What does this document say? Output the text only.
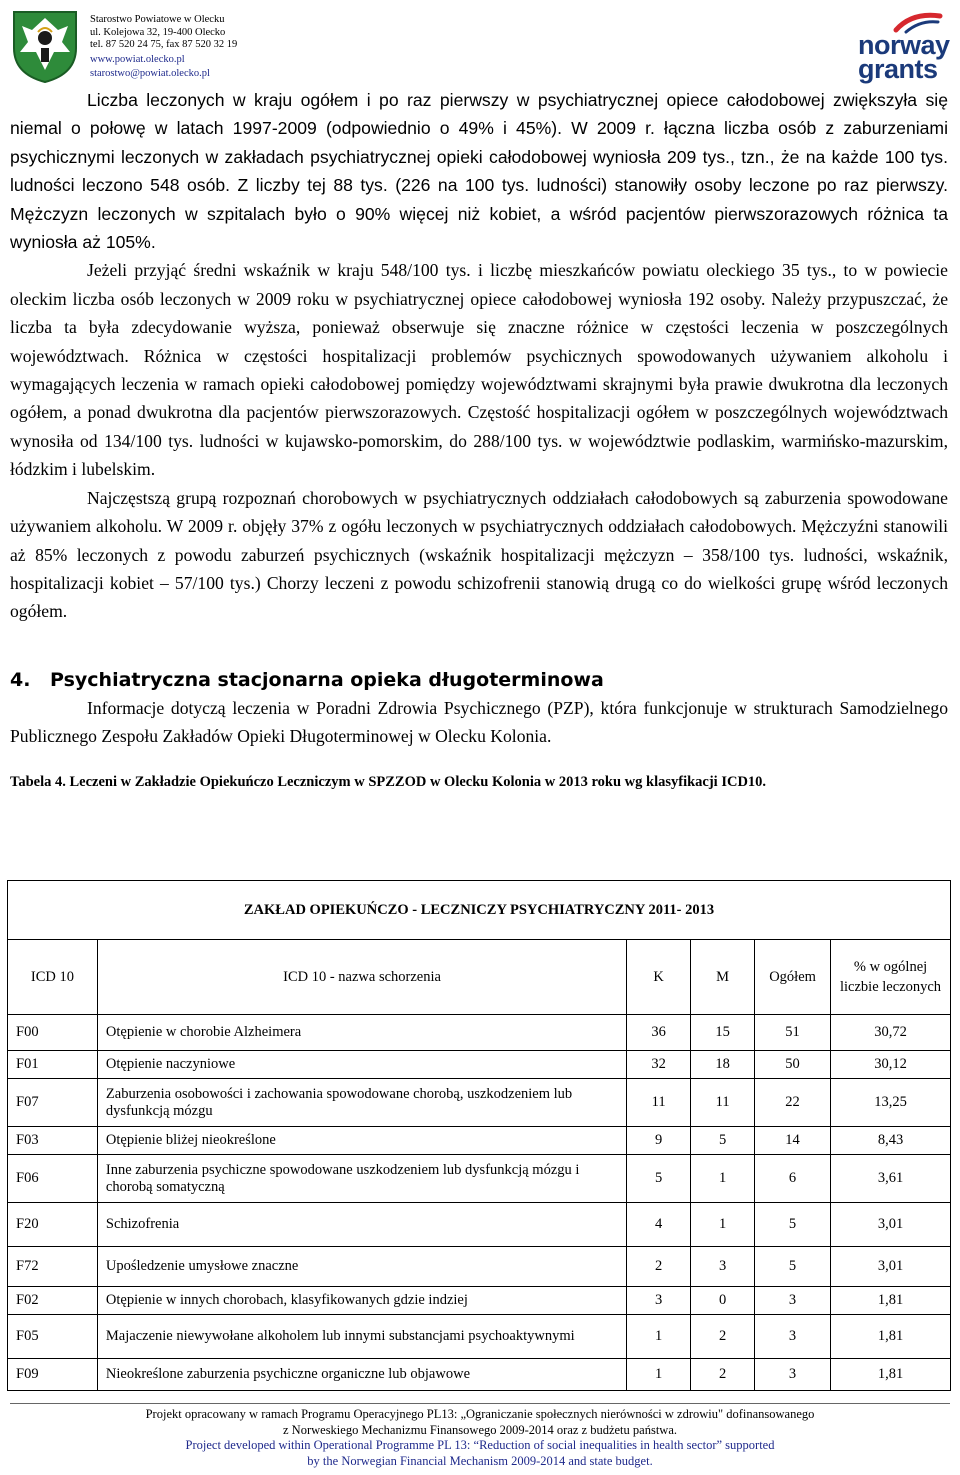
Starostwo Powiatowe w Olecku
ul. Kolejowa 32, 19-400 Olecko
tel. 87 520 24 75, fax 87 520 32 19
www.powiat.olecko.pl
starostwo@powiat.olecko.pl
norway
grants

Liczba leczonych w kraju ogółem i po raz pierwszy w psychiatrycznej opiece całodobowej zwiększyła się niemal o połowę w latach 1997-2009 (odpowiednio o 49% i 45%). W 2009 r. łączna liczba osób z zaburzeniami psychicznymi leczonych w zakładach psychiatrycznej opieki całodobowej wyniosła 209 tys., tzn., że na każde 100 tys. ludności leczono 548 osób. Z liczby tej 88 tys. (226 na 100 tys. ludności) stanowiły osoby leczone po raz pierwszy. Mężczyzn leczonych w szpitalach było o 90% więcej niż kobiet, a wśród pacjentów pierwszorazowych różnica ta wyniosła aż 105%.

Jeżeli przyjąć średni wskaźnik w kraju 548/100 tys. i liczbę mieszkańców powiatu oleckiego 35 tys., to w powiecie oleckim liczba osób leczonych w 2009 roku w psychiatrycznej opiece całodobowej wyniosła 192 osoby. Należy przypuszczać, że liczba ta była zdecydowanie wyższa, ponieważ obserwuje się znaczne różnice w częstości leczenia w poszczególnych województwach. Różnica w częstości hospitalizacji problemów psychicznych spowodowanych używaniem alkoholu i wymagających leczenia w ramach opieki całodobowej pomiędzy województwami skrajnymi była prawie dwukrotna dla leczonych ogółem, a ponad dwukrotna dla pacjentów pierwszorazowych. Częstość hospitalizacji ogółem w poszczególnych województwach wynosiła od 134/100 tys. ludności w kujawsko-pomorskim, do 288/100 tys. w województwie podlaskim, warmińsko-mazurskim, łódzkim i lubelskim.

Najczęstszą grupą rozpoznań chorobowych w psychiatrycznych oddziałach całodobowych są zaburzenia spowodowane używaniem alkoholu. W 2009 r. objęły 37% z ogółu leczonych w psychiatrycznych oddziałach całodobowych. Mężczyźni stanowili aż 85% leczonych z powodu zaburzeń psychicznych (wskaźnik hospitalizacji mężczyzn – 358/100 tys. ludności, wskaźnik, hospitalizacji kobiet – 57/100 tys.) Chorzy leczeni z powodu schizofrenii stanowią drugą co do wielkości grupę wśród leczonych ogółem.

4. Psychiatryczna stacjonarna opieka długoterminowa

Informacje dotyczą leczenia w Poradni Zdrowia Psychicznego (PZP), która funkcjonuje w strukturach Samodzielnego Publicznego Zespołu Zakładów Opieki Długoterminowej w Olecku Kolonia.

Tabela 4. Leczeni w Zakładzie Opiekuńczo Leczniczym w SPZZOD w Olecku Kolonia w 2013 roku wg klasyfikacji ICD10.
ZAKŁAD OPIEKUŃCZO - LECZNICZY PSYCHIATRYCZNY 2011- 2013					
ICD 10	ICD 10 - nazwa schorzenia	K	M	Ogółem	% w ogólnej liczbie leczonych
F00	Otępienie w chorobie Alzheimera	36	15	51	30,72
F01	Otępienie naczyniowe	32	18	50	30,12
F07	Zaburzenia osobowości i zachowania spowodowane chorobą, uszkodzeniem lub dysfunkcją mózgu	11	11	22	13,25
F03	Otępienie bliżej nieokreślone	9	5	14	8,43
F06	Inne zaburzenia psychiczne spowodowane uszkodzeniem lub dysfunkcją mózgu i chorobą somatyczną	5	1	6	3,61
F20	Schizofrenia	4	1	5	3,01
F72	Upośledzenie umysłowe znaczne	2	3	5	3,01
F02	Otępienie w innych chorobach, klasyfikowanych gdzie indziej	3	0	3	1,81
F05	Majaczenie niewywołane alkoholem lub innymi substancjami psychoaktywnymi	1	2	3	1,81
F09	Nieokreślone zaburzenia psychiczne organiczne lub objawowe	1	2	3	1,81
Projekt opracowany w ramach Programu Operacyjnego PL13: „Ograniczanie społecznych nierówności w zdrowiu" dofinansowanego
z Norweskiego Mechanizmu Finansowego 2009-2014 oraz z budżetu państwa.
Project developed within Operational Programme PL 13: “Reduction of social inequalities in health sector” supported
by the Norwegian Financial Mechanism 2009-2014 and state budget.
